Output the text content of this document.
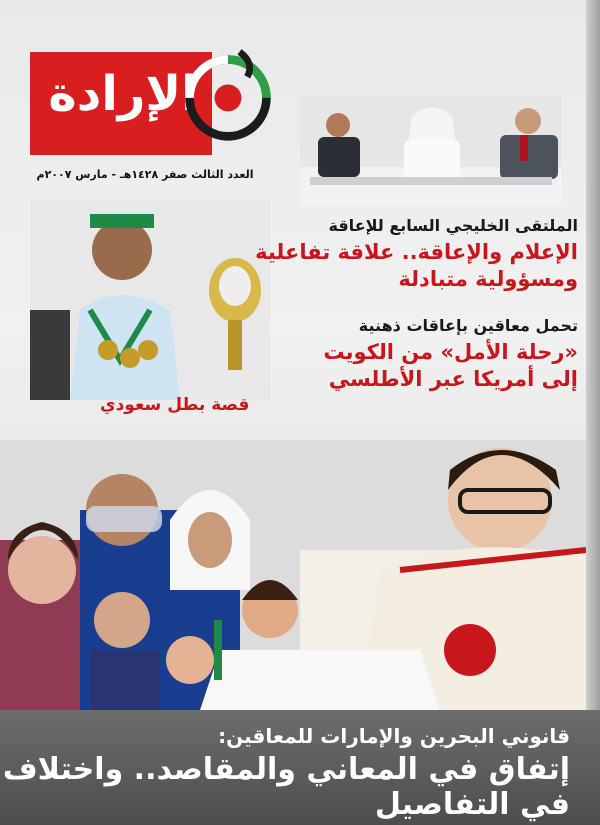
الإرادة
العدد الثالث صفر ١٤٢٨هـ - مارس ٢٠٠٧م
الملتقى الخليجي السابع للإعاقة
الإعلام والإعاقة.. علاقة تفاعلية
ومسؤولية متبادلة
تحمل معاقين بإعاقات ذهنية
«رحلة الأمل» من الكويت
إلى أمريكا عبر الأطلسي
قصة بطل سعودي
قانوني البحرين والإمارات للمعاقين:
إتفاق في المعاني والمقاصد.. واختلاف في التفاصيل
